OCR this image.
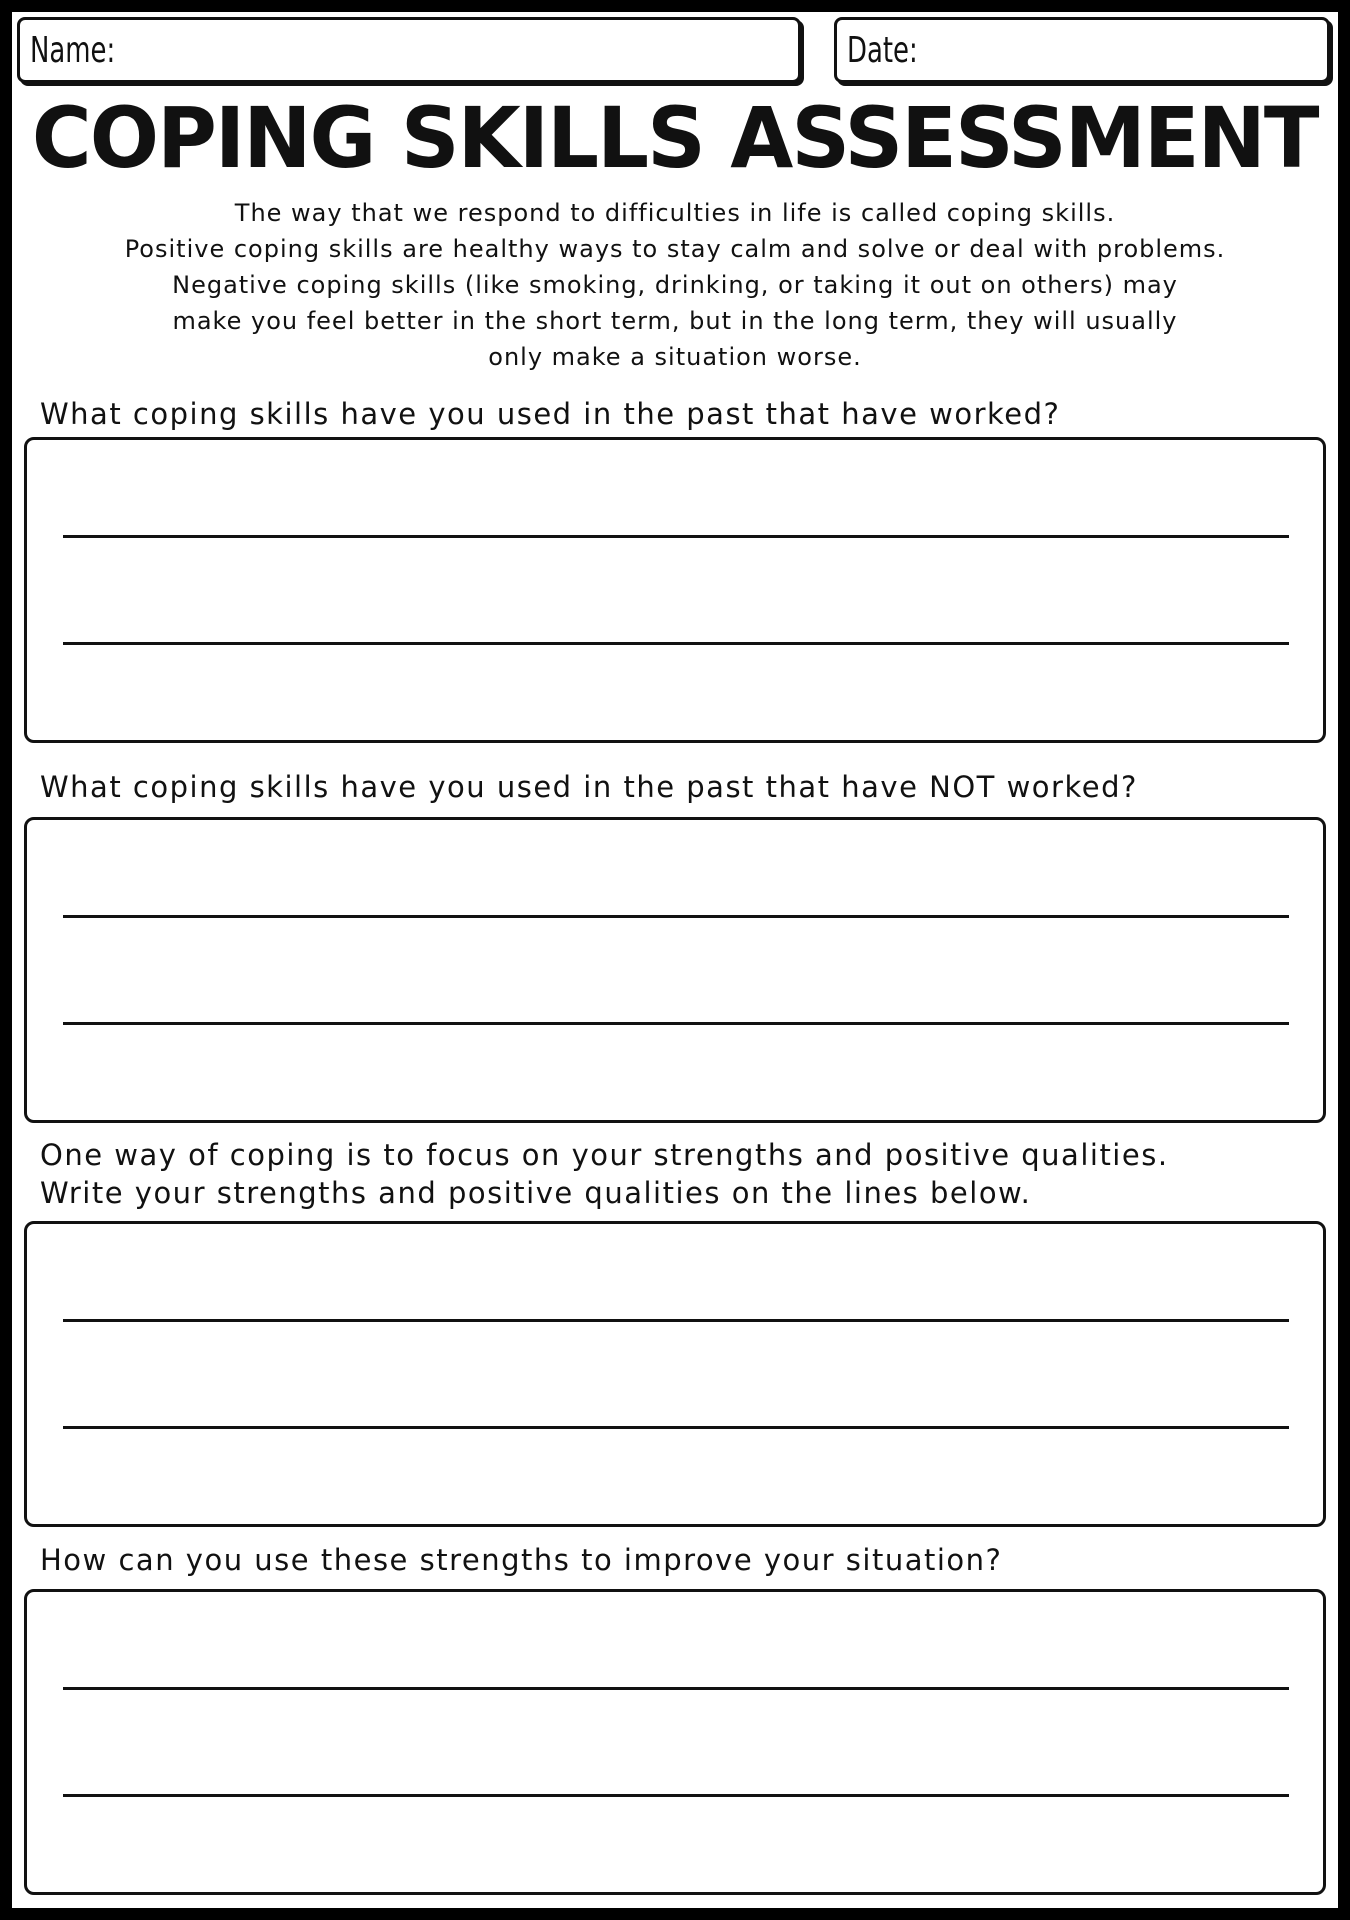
Name:	Date:
COPING SKILLS ASSESSMENT
The way that we respond to difficulties in life is called coping skills.
Positive coping skills are healthy ways to stay calm and solve or deal with problems.
Negative coping skills (like smoking, drinking, or taking it out on others) may
make you feel better in the short term, but in the long term, they will usually
only make a situation worse.
What coping skills have you used in the past that have worked?
What coping skills have you used in the past that have NOT worked?
One way of coping is to focus on your strengths and positive qualities.
Write your strengths and positive qualities on the lines below.
How can you use these strengths to improve your situation?
